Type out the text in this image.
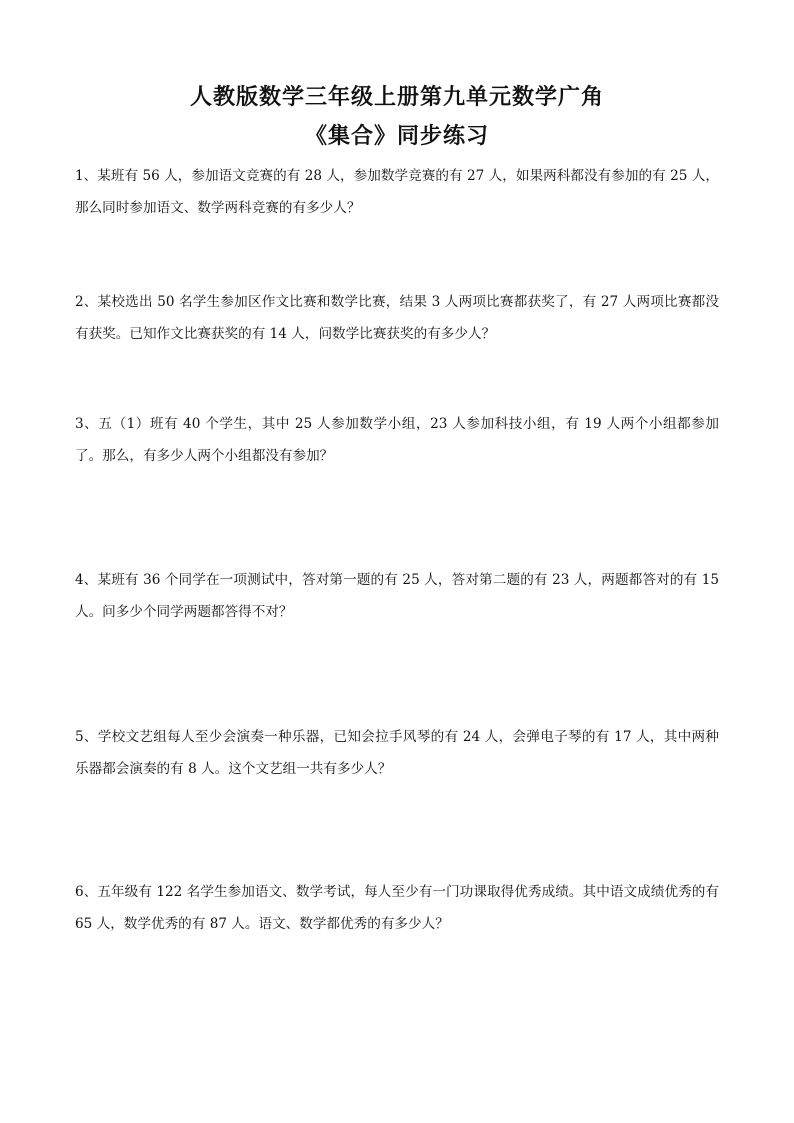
人教版数学三年级上册第九单元数学广角
《集合》同步练习

1、某班有 56 人，参加语文竞赛的有 28 人，参加数学竞赛的有 27 人，如果两科都没有参加的有 25 人，那么同时参加语文、数学两科竞赛的有多少人？

2、某校选出 50 名学生参加区作文比赛和数学比赛，结果 3 人两项比赛都获奖了，有 27 人两项比赛都没有获奖。已知作文比赛获奖的有 14 人，问数学比赛获奖的有多少人？

3、五（1）班有 40 个学生，其中 25 人参加数学小组，23 人参加科技小组，有 19 人两个小组都参加了。那么，有多少人两个小组都没有参加？

4、某班有 36 个同学在一项测试中，答对第一题的有 25 人，答对第二题的有 23 人，两题都答对的有 15 人。问多少个同学两题都答得不对？

5、学校文艺组每人至少会演奏一种乐器，已知会拉手风琴的有 24 人，会弹电子琴的有 17 人，其中两种乐器都会演奏的有 8 人。这个文艺组一共有多少人？

6、五年级有 122 名学生参加语文、数学考试，每人至少有一门功课取得优秀成绩。其中语文成绩优秀的有 65 人，数学优秀的有 87 人。语文、数学都优秀的有多少人？
